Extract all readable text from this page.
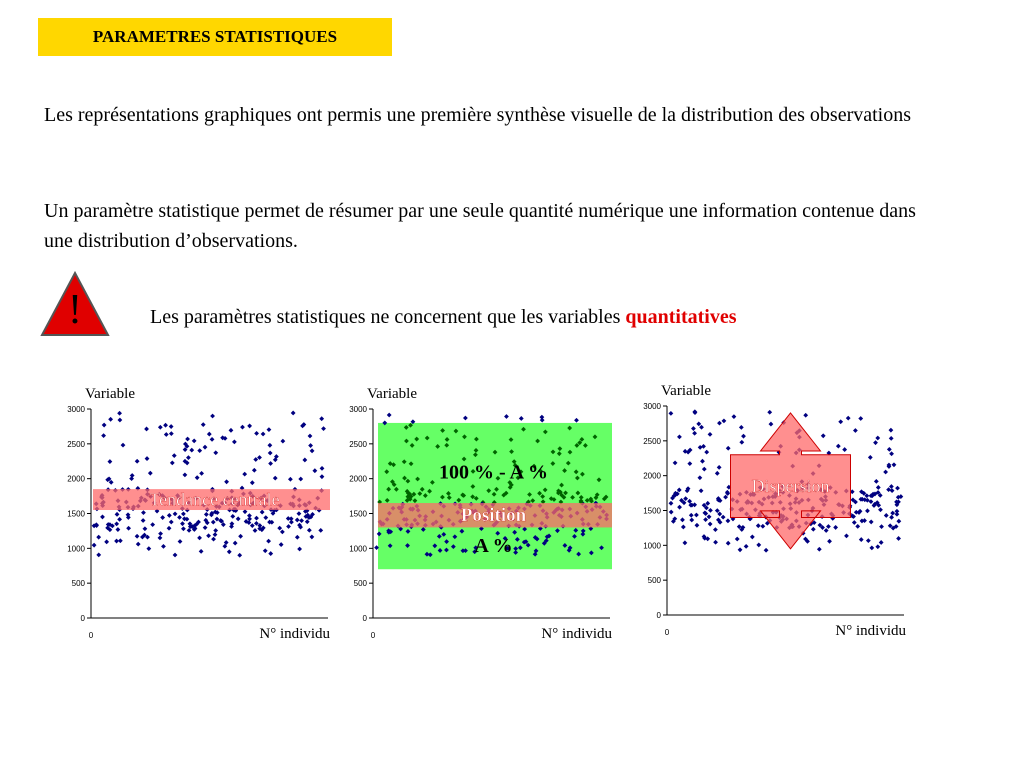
PARAMETRES STATISTIQUES
Les représentations graphiques ont permis une première synthèse visuelle de la distribution des observations
Un paramètre statistique permet de résumer par une seule quantité numérique une information contenue dans une distribution d’observations.
!	Les paramètres statistiques ne concernent que les variables quantitatives
0
500
1000
1500
2000
2500
3000
0
Variable
N° individu
Tendance centrale
0
500
1000
1500
2000
2500
3000
0
Variable
N° individu
100 % - A %
Position
A %
0
500
1000
1500
2000
2500
3000
0
Variable
N° individu
Dispersion
